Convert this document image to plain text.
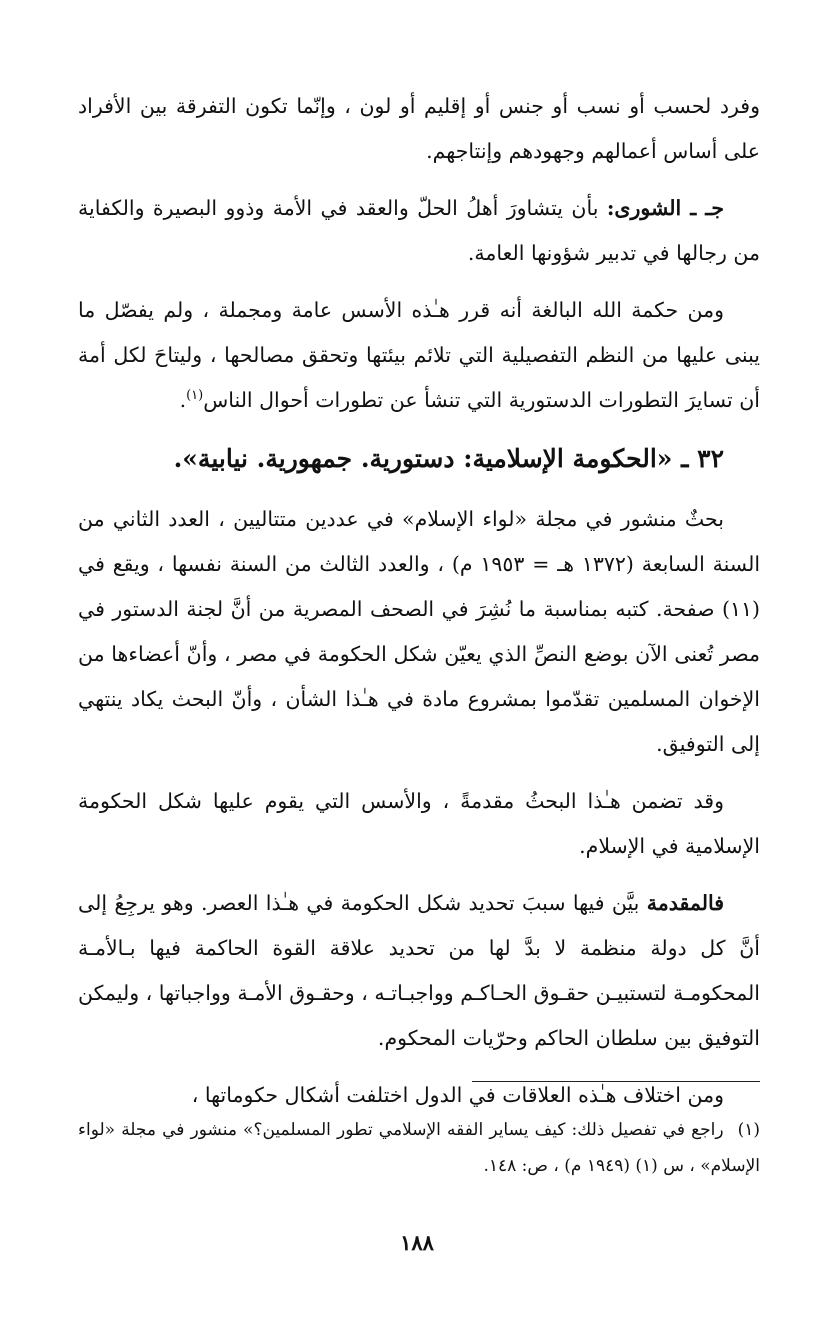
وفرد لحسب أو نسب أو جنس أو إقليم أو لون ، وإنّما تكون التفرقة بين الأفراد على أساس أعمالهم وجهودهم وإنتاجهم.

جـ ـ الشورى: بأن يتشاورَ أهلُ الحلّ والعقد في الأمة وذوو البصيرة والكفاية من رجالها في تدبير شؤونها العامة.

ومن حكمة الله البالغة أنه قرر هـٰذه الأسس عامة ومجملة ، ولم يفصّل ما يبنى عليها من النظم التفصيلية التي تلائم بيئتها وتحقق مصالحها ، وليتاحَ لكل أمة أن تسايرَ التطورات الدستورية التي تنشأ عن تطورات أحوال الناس$^{(١)}$.

٣٢ ـ «الحكومة الإسلامية: دستورية. جمهورية. نيابية».

بحثٌ منشور في مجلة «لواء الإسلام» في عددين متتاليين ، العدد الثاني من السنة السابعة (١٣٧٢ هـ = ١٩٥٣ م) ، والعدد الثالث من السنة نفسها ، ويقع في (١١) صفحة. كتبه بمناسبة ما نُشِرَ في الصحف المصرية من أنَّ لجنة الدستور في مصر تُعنى الآن بوضع النصِّ الذي يعيّن شكل الحكومة في مصر ، وأنّ أعضاءها من الإخوان المسلمين تقدّموا بمشروع مادة في هـٰذا الشأن ، وأنّ البحث يكاد ينتهي إلى التوفيق.

وقد تضمن هـٰذا البحثُ مقدمةً ، والأسس التي يقوم عليها شكل الحكومة الإسلامية في الإسلام.

فالمقدمة بيَّن فيها سببَ تحديد شكل الحكومة في هـٰذا العصر. وهو يرجِعُ إلى أنَّ كل دولة منظمة لا بدَّ لها من تحديد علاقة القوة الحاكمة فيها بـالأمـة المحكومـة لتستبيـن حقـوق الحـاكـم وواجبـاتـه ، وحقـوق الأمـة وواجباتها ، وليمكن التوفيق بين سلطان الحاكم وحرّيات المحكوم.

ومن اختلاف هـٰذه العلاقات في الدول اختلفت أشكال حكوماتها ،

(١)راجع في تفصيل ذلك: كيف يساير الفقه الإسلامي تطور المسلمين؟» منشور في مجلة «لواء الإسلام» ، س (١) (١٩٤٩ م) ، ص: ١٤٨.
١٨٨
